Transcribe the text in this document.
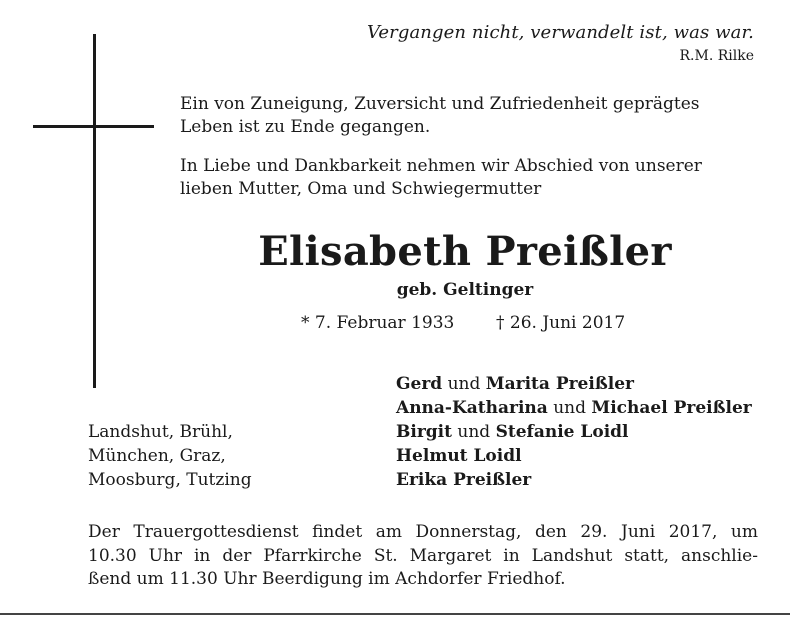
Vergangen nicht, verwandelt ist, was war.
R.M. Rilke
Ein von Zuneigung, Zuversicht und Zufriedenheit geprägtes
Leben ist zu Ende gegangen.
In Liebe und Dankbarkeit nehmen wir Abschied von unserer
lieben Mutter, Oma und Schwiegermutter
Elisabeth Preißler
geb. Geltinger
* 7. Februar 1933 † 26. Juni 2017
Gerd und Marita Preißler
Anna-Katharina und Michael Preißler
Birgit und Stefanie Loidl
Helmut Loidl
Erika Preißler
Landshut, Brühl,
München, Graz,
Moosburg, Tutzing
Der Trauergottesdienst findet am Donnerstag, den 29. Juni 2017, um
10.30 Uhr in der Pfarrkirche St. Margaret in Landshut statt, anschlie-
ßend um 11.30 Uhr Beerdigung im Achdorfer Friedhof.
